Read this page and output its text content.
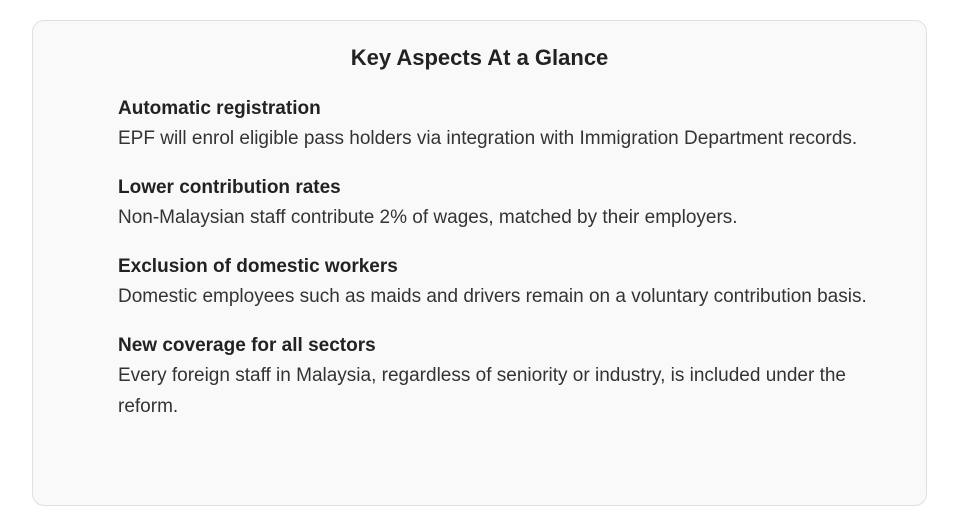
Key Aspects At a Glance
Automatic registration
EPF will enrol eligible pass holders via integration with Immigration Department records.
Lower contribution rates
Non-Malaysian staff contribute 2% of wages, matched by their employers.
Exclusion of domestic workers
Domestic employees such as maids and drivers remain on a voluntary contribution basis.
New coverage for all sectors
Every foreign staff in Malaysia, regardless of seniority or industry, is included under the reform.
